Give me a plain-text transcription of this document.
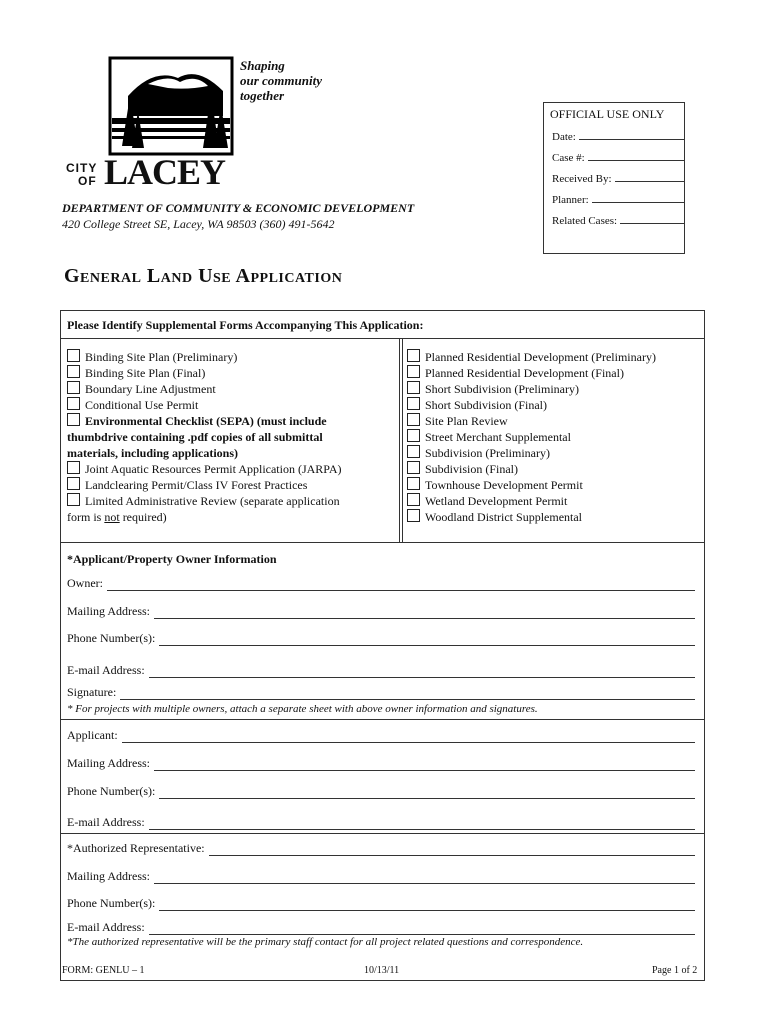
Shaping
our community
together
CITY
OF LACEY
DEPARTMENT OF COMMUNITY & ECONOMIC DEVELOPMENT
420 College Street SE, Lacey, WA 98503 (360) 491-5642
OFFICIAL USE ONLY
Date:
Case #:
Received By:
Planner:
Related Cases:
General Land Use Application
Please Identify Supplemental Forms Accompanying This Application:
Binding Site Plan (Preliminary)
Binding Site Plan (Final)
Boundary Line Adjustment
Conditional Use Permit
Environmental Checklist (SEPA) (must include
thumbdrive containing .pdf copies of all submittal
materials, including applications)
Joint Aquatic Resources Permit Application (JARPA)
Landclearing Permit/Class IV Forest Practices
Limited Administrative Review (separate application
form is not required)
Planned Residential Development (Preliminary)
Planned Residential Development (Final)
Short Subdivision (Preliminary)
Short Subdivision (Final)
Site Plan Review
Street Merchant Supplemental
Subdivision (Preliminary)
Subdivision (Final)
Townhouse Development Permit
Wetland Development Permit
Woodland District Supplemental
*Applicant/Property Owner Information
Owner:
Mailing Address:
Phone Number(s):
E-mail Address:
Signature:
* For projects with multiple owners, attach a separate sheet with above owner information and signatures.
Applicant:
Mailing Address:
Phone Number(s):
E-mail Address:
*Authorized Representative:
Mailing Address:
Phone Number(s):
E-mail Address:
*The authorized representative will be the primary staff contact for all project related questions and correspondence.
FORM: GENLU – 1	10/13/11	Page 1 of 2
